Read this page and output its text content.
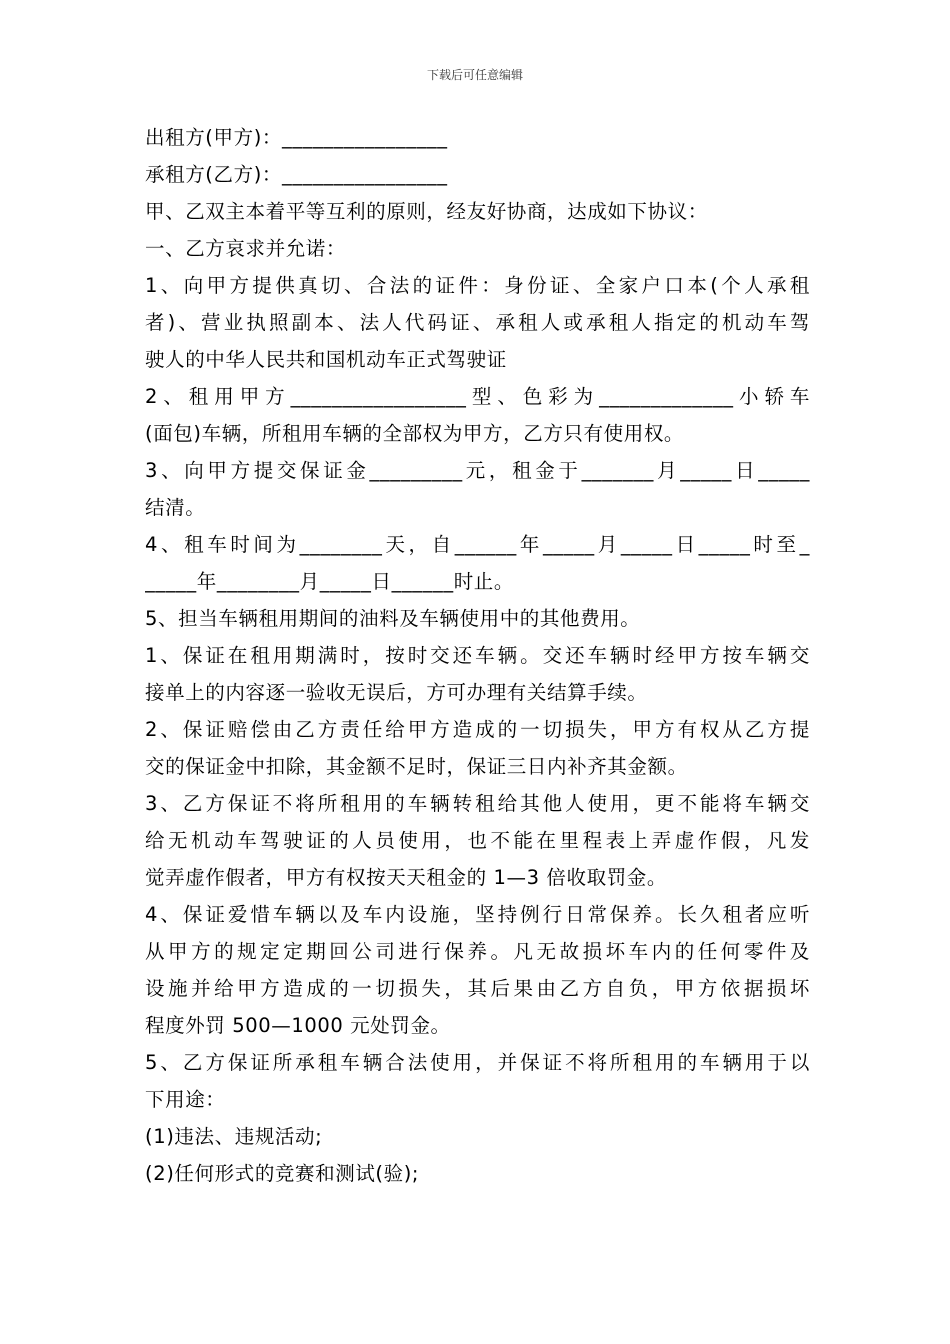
下载后可任意编辑
出租方(甲方)：________________
承租方(乙方)：________________
甲、乙双主本着平等互利的原则，经友好协商，达成如下协议：
一、乙方哀求并允诺：
1、向甲方提供真切、合法的证件：身份证、全家户口本(个人承租
者)、营业执照副本、法人代码证、承租人或承租人指定的机动车驾
驶人的中华人民共和国机动车正式驾驶证
2、租用甲方_________________型、色彩为_____________小轿车
(面包)车辆，所租用车辆的全部权为甲方，乙方只有使用权。
3、向甲方提交保证金_________元，租金于_______月_____日_____
结清。
4、租车时间为________天，自______年_____月_____日_____时至_
_____年________月_____日______时止。
5、担当车辆租用期间的油料及车辆使用中的其他费用。
1、保证在租用期满时，按时交还车辆。交还车辆时经甲方按车辆交
接单上的内容逐一验收无误后，方可办理有关结算手续。
2、保证赔偿由乙方责任给甲方造成的一切损失，甲方有权从乙方提
交的保证金中扣除，其金额不足时，保证三日内补齐其金额。
3、乙方保证不将所租用的车辆转租给其他人使用，更不能将车辆交
给无机动车驾驶证的人员使用，也不能在里程表上弄虚作假，凡发
觉弄虚作假者，甲方有权按天天租金的 1—3 倍收取罚金。
4、保证爱惜车辆以及车内设施，坚持例行日常保养。长久租者应听
从甲方的规定定期回公司进行保养。凡无故损坏车内的任何零件及
设施并给甲方造成的一切损失，其后果由乙方自负，甲方依据损坏
程度外罚 500—1000 元处罚金。
5、乙方保证所承租车辆合法使用，并保证不将所租用的车辆用于以
下用途：
(1)违法、违规活动;
(2)任何形式的竞赛和测试(验);
